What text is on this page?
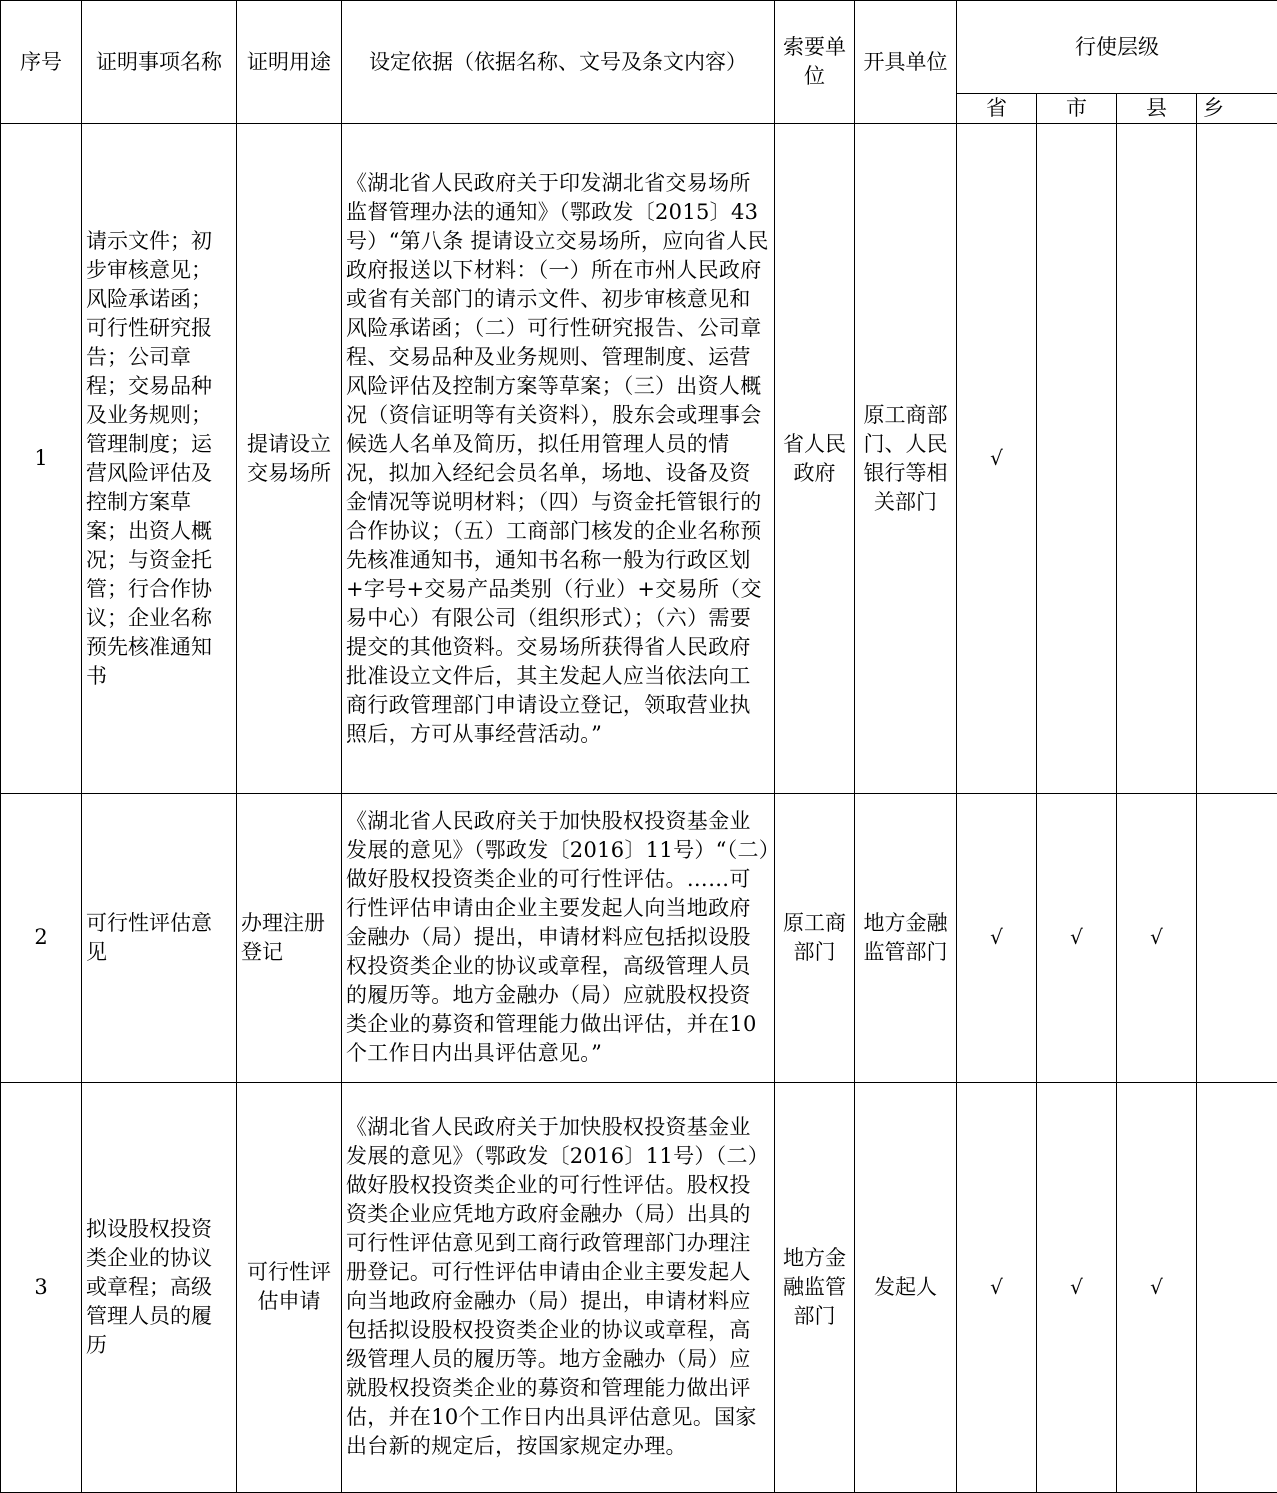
序号	证明事项名称	证明用途	设定依据（依据名称、文号及条文内容）	索要单位	开具单位	行使层级			
						省	市	县	乡
1	请示文件；初步审核意见；风险承诺函；可行性研究报告；公司章程；交易品种及业务规则；管理制度；运营风险评估及控制方案草案；出资人概况；与资金托管；行合作协议；企业名称预先核准通知书	提请设立交易场所	《湖北省人民政府关于印发湖北省交易场所监督管理办法的通知》（鄂政发〔2015〕43号）“第八条 提请设立交易场所，应向省人民政府报送以下材料：（一）所在市州人民政府或省有关部门的请示文件、初步审核意见和风险承诺函；（二）可行性研究报告、公司章程、交易品种及业务规则、管理制度、运营风险评估及控制方案等草案；（三）出资人概况（资信证明等有关资料），股东会或理事会候选人名单及简历，拟任用管理人员的情况，拟加入经纪会员名单，场地、设备及资金情况等说明材料；（四）与资金托管银行的合作协议；（五）工商部门核发的企业名称预先核准通知书，通知书名称一般为行政区划+字号+交易产品类别（行业）+交易所（交易中心）有限公司（组织形式）；（六）需要提交的其他资料。交易场所获得省人民政府批准设立文件后，其主发起人应当依法向工商行政管理部门申请设立登记，领取营业执照后，方可从事经营活动。”	省人民政府	原工商部门、人民银行等相关部门	√			
2	可行性评估意见	办理注册登记	《湖北省人民政府关于加快股权投资基金业发展的意见》（鄂政发〔2016〕11号）“（二）做好股权投资类企业的可行性评估。……可行性评估申请由企业主要发起人向当地政府金融办（局）提出，申请材料应包括拟设股权投资类企业的协议或章程，高级管理人员的履历等。地方金融办（局）应就股权投资类企业的募资和管理能力做出评估，并在10个工作日内出具评估意见。”	原工商部门	地方金融监管部门	√	√	√	
3	拟设股权投资类企业的协议或章程；高级管理人员的履历	可行性评估申请	《湖北省人民政府关于加快股权投资基金业发展的意见》（鄂政发〔2016〕11号）（二）做好股权投资类企业的可行性评估。股权投资类企业应凭地方政府金融办（局）出具的可行性评估意见到工商行政管理部门办理注册登记。可行性评估申请由企业主要发起人向当地政府金融办（局）提出，申请材料应包括拟设股权投资类企业的协议或章程，高级管理人员的履历等。地方金融办（局）应就股权投资类企业的募资和管理能力做出评估，并在10个工作日内出具评估意见。国家出台新的规定后，按国家规定办理。	地方金融监管部门	发起人	√	√	√	
